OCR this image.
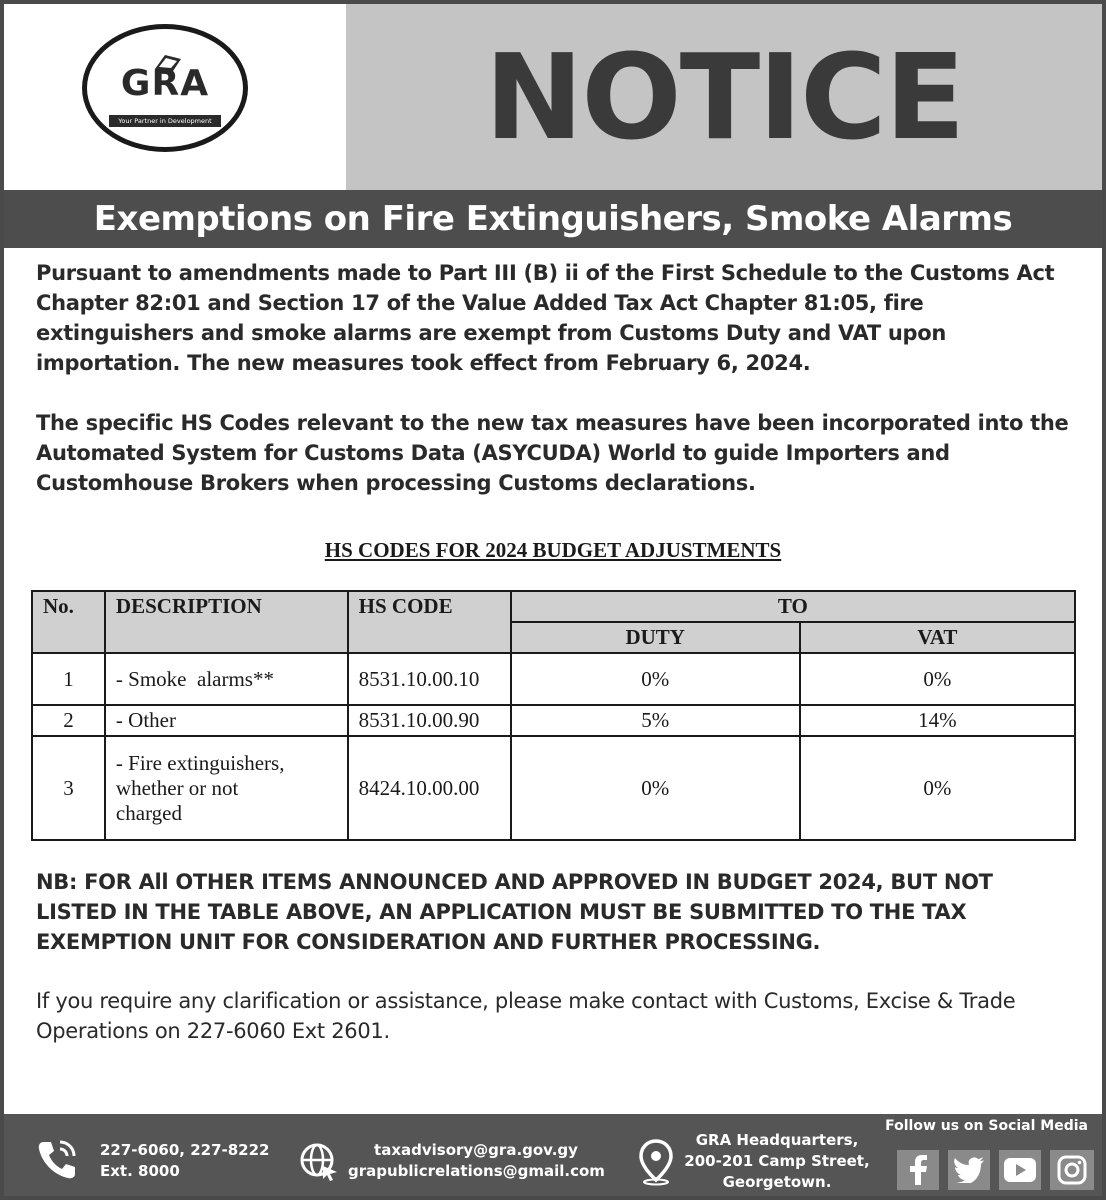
GRA
Your Partner in Development NOTICE
Exemptions on Fire Extinguishers, Smoke Alarms

Pursuant to amendments made to Part III (B) ii of the First Schedule to the Customs Act Chapter 82:01 and Section 17 of the Value Added Tax Act Chapter 81:05, fire extinguishers and smoke alarms are exempt from Customs Duty and VAT upon importation. The new measures took effect from February 6, 2024.

The specific HS Codes relevant to the new tax measures have been incorporated into the Automated System for Customs Data (ASYCUDA) World to guide Importers and Customhouse Brokers when processing Customs declarations.

HS CODES FOR 2024 BUDGET ADJUSTMENTS
No.	DESCRIPTION	HS CODE	TO	
			DUTY	VAT
1	- Smoke  alarms**	8531.10.00.10	0%	0%
2	- Other	8531.10.00.90	5%	14%
3	- Fire extinguishers,
whether or not
charged	8424.10.00.00	0%	0%

NB: FOR All OTHER ITEMS ANNOUNCED AND APPROVED IN BUDGET 2024, BUT NOT LISTED IN THE TABLE ABOVE, AN APPLICATION MUST BE SUBMITTED TO THE TAX EXEMPTION UNIT FOR CONSIDERATION AND FURTHER PROCESSING.

If you require any clarification or assistance, please make contact with Customs, Excise & Trade Operations on 227-6060 Ext 2601.

227-6060, 227-8222
Ext. 8000
taxadvisory@gra.gov.gy
grapublicrelations@gmail.com
GRA Headquarters,
200-201 Camp Street,
Georgetown.
Follow us on Social Media
